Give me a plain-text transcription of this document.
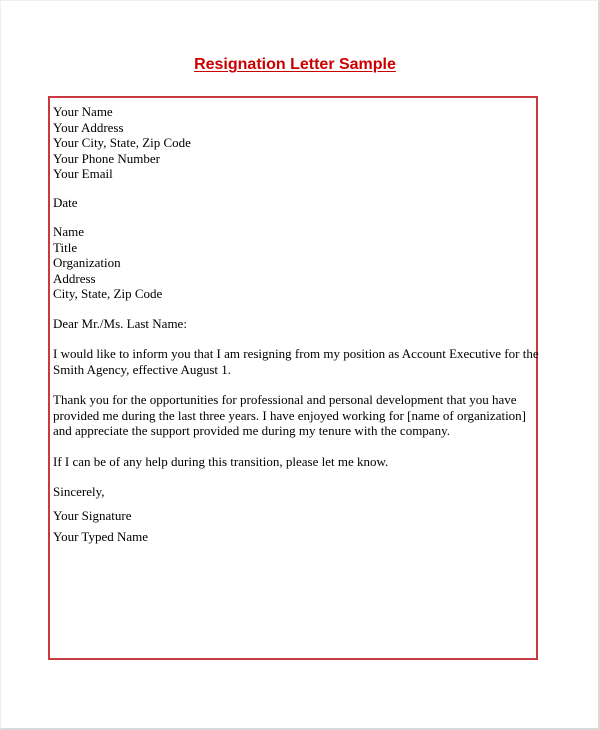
Resignation Letter Sample
Your Name
Your Address
Your City, State, Zip Code
Your Phone Number
Your Email
Date
Name
Title
Organization
Address
City, State, Zip Code
Dear Mr./Ms. Last Name:
I would like to inform you that I am resigning from my position as Account Executive for the
Smith Agency, effective August 1.
Thank you for the opportunities for professional and personal development that you have
provided me during the last three years. I have enjoyed working for [name of organization]
and appreciate the support provided me during my tenure with the company.
If I can be of any help during this transition, please let me know.
Sincerely,
Your Signature
Your Typed Name
